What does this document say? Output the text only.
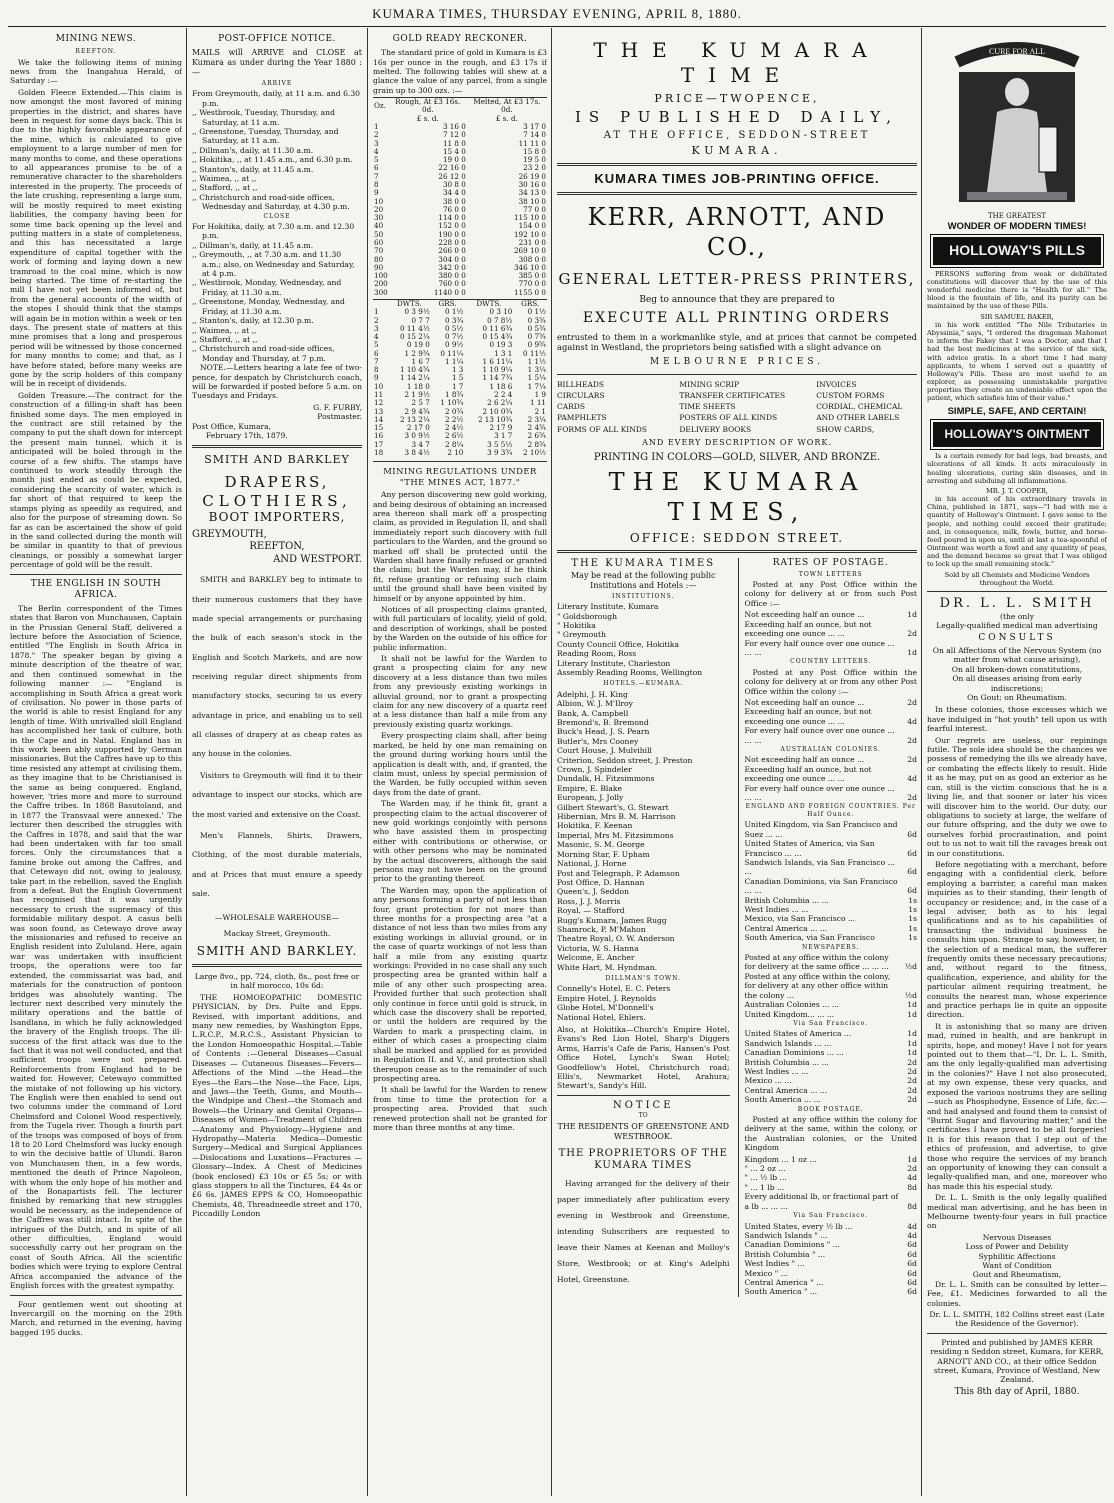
KUMARA TIMES, THURSDAY EVENING, APRIL 8, 1880.
MINING NEWS.
REEFTON.

We take the following items of mining news from the Inangahua Herald, of Saturday :—

Golden Fleece Extended.—This claim is now amongst the most favored of mining properties in the district, and shares have been in request for some days back. This is due to the highly favorable appearance of the mine, which is calculated to give employment to a large number of men for many months to come, and these operations to all appearances promise to be of a remunerative character to the shareholders interested in the property. The proceeds of the late crushing, representing a large sum, will be mostly required to meet existing liabilities, the company having been for some time back opening up the level and putting matters in a state of completeness, and this has necessitated a large expenditure of capital together with the work of forming and laying down a new tramroad to the coal mine, which is now being started. The time of re-starting the mill I have not yet been informed of, but from the general accounts of the width of the stopes I should think that the stamps will again be in motion within a week or ten days. The present state of matters at this mine promises that a long and prosperous period will be witnessed by those concerned for many months to come; and that, as I have before stated, before many weeks are gone by the scrip holders of this company will be in receipt of dividends.

Golden Treasure.—The contract for the construction of a filling-in shaft has been finished some days. The men employed in the contract are still retained by the company to put the shaft down for intercept the present main tunnel, which it is anticipated will be holed through in the course of a few shifts. The stamps have continued to work steadily through the month just ended as could be expected, considering the scarcity of water, which is far short of that required to keep the stamps plying as speedily as required, and also for the purpose of streaming down. So far as can be ascertained the show of gold in the sand collected during the month will be similar in quantity to that of previous cleanings, or possibly a somewhat larger percentage of gold will be the result.

THE ENGLISH IN SOUTH AFRICA.

The Berlin correspondent of the Times states that Baron von Munchausen, Captain in the Prussian General Staff, delivered a lecture before the Association of Science, entitled "The English in South Africa in 1878." The speaker began by giving a minute description of the theatre of war, and then continued somewhat in the following manner :— "England is accomplishing in South Africa a great work of civilisation. No power in those parts of the world is able to resist England for any length of time. With unrivalled skill England has accomplished her task of culture, both in the Cape and in Natal. England has in this work been ably supported by German missionaries. But the Caffres have up to this time resisted any attempt at civilising them, as they imagine that to be Christianised is the same as being conquered. England, however, 'tries more and more to surround the Caffre tribes. In 1868 Basutoland, and in 1877 the Transvaal were annexed.' The lecturer then described the struggles with the Caffres in 1878, and said that the war had been undertaken with far too small forces. Only the circumstances that a famine broke out among the Caffres, and that Cetewayo did not, owing to jealousy, take part in the rebellion, saved the English from a defeat. But the English Government has recognised that it was urgently necessary to crush the supremacy of this formidable military despot. A casus belli was soon found, as Cetewayo drove away the missionaries and refused to receive an English resident into Zululand. Here, again war was undertaken with insufficient troops, the operations were too far extended, the commissariat was bad, and materials for the construction of pontoon bridges was absolutely wanting. The lecturer next described very minutely the military operations and the battle of Isandlana, in which he fully acknowledged the bravery of the English troops. The ill-success of the first attack was due to the fact that it was not well conducted, and that sufficient troops were not prepared. Reinforcements from England had to be waited for. However, Cetewayo committed the mistake of not following up his victory. The English were then enabled to send out two columns under the command of Lord Chelmsford and Colonel Wood respectively, from the Tugela river. Though a fourth part of the troops was composed of boys of from 18 to 20 Lord Chelmsford was lucky enough to win the decisive battle of Ulundi. Baron von Munchausen then, in a few words, mentioned the death of Prince Napoleon, with whom the only hope of his mother and of the Bonapartists fell. The lecturer finished by remarking that new struggles would be necessary, as the independence of the Caffres was still intact. In spite of the intrigues of the Dutch, and in spite of all other difficulties, England would successfully carry out her program on the coast of South Africa. All the scientific bodies which were trying to explore Central Africa accompanied the advance of the English forces with the greatest sympathy.

Four gentlemen went out shooting at Invercargill on the morning on the 29th March, and returned in the evening, having bagged 195 ducks.

POST-OFFICE NOTICE.

MAILS will ARRIVE and CLOSE at Kumara as under during the Year 1880 :—

ARRIVE
From Greymouth, daily, at 11 a.m. and 6.30 p.m.
,, Westbrook, Tuesday, Thursday, and Saturday, at 11 a.m.
,, Greenstone, Tuesday, Thursday, and Saturday, at 11 a.m.
,, Dillman's, daily, at 11.30 a.m.
,, Hokitika, ,, at 11.45 a.m., and 6.30 p.m.
,, Stanton's, daily, at 11.45 a.m.
,, Waimea, ,, at ,,
,, Stafford, ,, at ,,
,, Christchurch and road-side offices, Wednesday and Saturday, at 4.30 p.m.
CLOSE
For Hokitika, daily, at 7.30 a.m. and 12.30 p.m.
,, Dillman's, daily, at 11.45 a.m.
,, Greymouth, ,, at 7.30 a.m. and 11.30 a.m.; also, on Wednesday and Saturday, at 4 p.m.
,, Westbrook, Monday, Wednesday, and Friday, at 11.30 a.m.
,, Greenstone, Monday, Wednesday, and Friday, at 11.30 a.m.
,, Stanton's, daily, at 12.30 p.m.
,, Waimea, ,, at ,,
,, Stafford, ,, at ,,
,, Christchurch and road-side offices, Monday and Thursday, at 7 p.m.

NOTE.—Letters bearing a late fee of two-pence, for despatch by Christchurch coach, will be forwarded if posted before 5 a.m. on Tuesdays and Fridays.

G. F. FURBY,
Postmaster.
Post Office, Kumara,
February 17th, 1879.
SMITH AND BARKLEY
DRAPERS,
CLOTHIERS,
BOOT IMPORTERS,
GREYMOUTH,
REEFTON,
AND WESTPORT.

SMITH and BARKLEY beg to intimate to their numerous customers that they have made special arrangements or purchasing the bulk of each season's stock in the English and Scotch Markets, and are now receiving regular direct shipments from manufactory stocks, securing to us every advantage in price, and enabling us to sell all classes of drapery at as cheap rates as any house in the colonies.

Visitors to Greymouth will find it to their advantage to inspect our stocks, which are the most varied and extensive on the Coast.

Men's Flannels, Shirts, Drawers, Clothing, of the most durable materials, and at Prices that must ensure a speedy sale.

—WHOLESALE WAREHOUSE—
Mackay Street, Greymouth.
SMITH AND BARKLEY.

Large 8vo., pp. 724, cloth, 8s., post free or in half morocco, 10s 6d:

THE HOMOEOPATHIC DOMESTIC PHYSICIAN, by Drs. Pulte and Epps. Revised, with important additions, and many new remedies, by Washington Epps, L.R.C.P., M.R.C.S., Assistant Physician to the London Homoeopathic Hospital.—Table of Contents :—General Diseases—Casual Diseases — Cutaneous Diseases—Fevers—Affections of the Mind —the Head—the Eyes—the Ears—the Nose—the Face, Lips, and Jaws—the Teeth, Gums, and Mouth—the Windpipe and Chest—the Stomach and Bowels—the Urinary and Genital Organs—Diseases of Women—Treatment of Children—Anatomy and Physiology—Hygiene and Hydropathy—Materia Medica—Domestic Surgery—Medical and Surgical Appliances —Dislocations and Luxations—Fractures —Glossary—Index. A Chest of Medicines (book enclosed) £3 10s or £5 5s; or with glass stoppers to all the Tinctures, £4 4s or £6 6s. JAMES EPPS & CO, Homoeopathic Chemists, 48, Threadneedle street and 170, Piccadilly London

GOLD READY RECKONER.

The standard price of gold in Kumara is £3 16s per ounce in the rough, and £3 17s if melted. The following tables will shew at a glance the value of any parcel, from a single grain up to 300 ozs. :—

Oz.	Rough, At £3 16s. 0d.	Melted, At £3 17s. 0d.
	£ s. d.	£ s. d.
1	3 16 0	3 17 0
2	7 12 0	7 14 0
3	11 8 0	11 11 0
4	15 4 0	15 8 0
5	19 0 0	19 5 0
6	22 16 0	23 2 0
7	26 12 0	26 19 0
8	30 8 0	30 16 0
9	34 4 0	34 13 0
10	38 0 0	38 10 0
20	76 0 0	77 0 0
30	114 0 0	115 10 0
40	152 0 0	154 0 0
50	190 0 0	192 10 0
60	228 0 0	231 0 0
70	266 0 0	269 10 0
80	304 0 0	308 0 0
90	342 0 0	346 10 0
100	380 0 0	385 0 0
200	760 0 0	770 0 0
300	1140 0 0	1155 0 0
	DWTS.	GRS.	DWTS.	GRS.
1	0 3 9½	0 1½	0 3 10	0 1½
2	0 7 7	0 3¾	0 7 8½	0 3¾
3	0 11 4½	0 5½	0 11 6¾	0 5¾
4	0 15 2¼	0 7½	0 15 4¾	0 7¾
5	0 19 0	0 9½	0 19 3	0 9¾
6	1 2 9¾	0 11¼	1 3 1	0 11½
7	1 6 7	1 1¼	1 6 11¼	1 1½
8	1 10 4¾	1 3	1 10 9¼	1 3¼
9	1 14 2¼	1 5	1 14 7¾	1 5¼
10	1 18 0	1 7	1 18 6	1 7¼
11	2 1 9½	1 8¾	2 2 4	1 9
12	2 5 7	1 10¾	2 6 2¼	1 11
13	2 9 4¾	2 0¾	2 10 0¾	2 1
14	2 13 2¼	2 2½	2 13 10¾	2 3¼
15	2 17 0	2 4½	2 17 9	2 4¾
16	3 0 9½	2 6½	3 1 7	2 6¾
17	3 4 7	2 8¼	3 5 5½	2 8¾
18	3 8 4½	2 10	3 9 3¾	2 10½
MINING REGULATIONS UNDER "THE MINES ACT, 1877."

Any person discovering new gold working, and being desirous of obtaining an increased area thereon shall mark off a prospecting claim, as provided in Regulation II, and shall immediately report such discovery with full particulars to the Warden, and the ground so marked off shall be protected until the Warden shall have finally refused or granted the claim; but the Warden may, if he think fit, refuse granting or refusing such claim until the ground shall have been visited by himself or by anyone appointed by him.

Notices of all prospecting claims granted, with full particulars of locality, yield of gold, and description of workings, shall be posted by the Warden on the outside of his office for public information.

It shall not be lawful for the Warden to grant a prospecting claim for any new discovery at a less distance than two miles from any previously existing workings in alluvial ground, nor to grant a prospecting claim for any new discovery of a quartz reef at a less distance than half a mile from any previously existing quartz workings.

Every prospecting claim shall, after being marked, be held by one man remaining on the ground during working hours until the application is dealt with, and, if granted, the claim must, unless by special permission of the Warden, be fully occupied within seven days from the date of grant.

The Warden may, if he think fit, grant a prospecting claim to the actual discoverer of new gold workings conjointly with persons who have assisted them in prospecting either with contributions or otherwise, or with other persons who may be nominated by the actual discoverers, although the said persons may not have been on the ground prior to the granting thereof.

The Warden may, upon the application of any persons forming a party of not less than four, grant protection for not more than three months for a prospecting area "at a distance of not less than two miles from any existing workings in alluvial ground, or in the case of quartz workings of not less than half a mile from any existing quartz workings: Provided in no case shall any such prospecting area be granted within half a mile of any other such prospecting area. Provided further that such protection shall only continue in force until gold is struck, in which case the discovery shall be reported, or until the holders are required by the Warden to mark a prospecting claim, in either of which cases a prospecting claim shall be marked and applied for as provided in Regulation II. and V., and protection shall thereupon cease as to the remainder of such prospecting area.

It shall be lawful for the Warden to renew from time to time the protection for a prospecting area. Provided that such renewed protection shall not be granted for more than three months at any time.

THE KUMARA TIME
PRICE—TWOPENCE,
IS PUBLISHED DAILY,
AT THE OFFICE, SEDDON-STREET
KUMARA.
KUMARA TIMES JOB-PRINTING OFFICE.
KERR, ARNOTT, AND CO.,
GENERAL LETTER-PRESS PRINTERS,
Beg to announce that they are prepared to
EXECUTE ALL PRINTING ORDERS

entrusted to them in a workmanlike style, and at prices that cannot be competed against in Westland, the proprietors being satisfied with a slight advance on

MELBOURNE PRICES.
BILLHEADS
CIRCULARS
CARDS
PAMPHLETS
FORMS OF ALL KINDS
MINING SCRIP
TRANSFER CERTIFICATES
TIME SHEETS
POSTERS OF ALL KINDS
DELIVERY BOOKS
INVOICES
CUSTOM FORMS
CORDIAL, CHEMICAL
AND OTHER LABELS
SHOW CARDS,
AND EVERY DESCRIPTION OF WORK.
PRINTING IN COLORS—GOLD, SILVER, AND BRONZE.
THE KUMARA TIMES,
OFFICE: SEDDON STREET.
THE KUMARA TIMES

May be read at the following public Institutions and Hotels :—

INSTITUTIONS.
Literary Institute, Kumara
" Goldsborough
" Hokitika
" Greymouth
County Council Office, Hokitika
Reading Room, Ross
Literary Institute, Charleston
Assembly Reading Rooms, Wellington
HOTELS.—KUMARA.
Adelphi, J. H. King
Albion, W. J. M'Ilroy
Bank, A. Campbell
Bremond's, B. Bremond
Buck's Head, J. S. Pearn
Butler's, Mrs Cooney
Court House, J. Mulvihill
Criterion, Seddon street, J. Preston
Crown, J. Spindeler
Dundalk, H. Fitzsimmons
Empire, E. Blake
European, J. Jolly
Gilbert Stewart's, G. Stewart
Hibernian, Mrs B. M. Harrison
Hokitika, F. Keenan
Imperial, Mrs M. Fitzsimmons
Masonic, S. M. George
Morning Star, F. Upham
National, J. Horne
Post and Telegraph, P. Adamson
Post Office, D. Hannan
Queen's, J. Seddon
Ross, J. J. Morris
Royal, — Stafford
Rugg's Kumara, James Rugg
Shamrock, P. M'Mahon
Theatre Royal, O. W. Anderson
Victoria, W. S. Hanna
Welcome, E. Ancher
White Hart, M. Hyndman.
DILLMAN'S TOWN.
Connelly's Hotel, E. C. Peters
Empire Hotel, J. Reynolds
Globe Hotel, M'Donnell's
National Hotel, Ehlers.

Also, at Hokitika—Church's Empire Hotel, Evans's Red Lion Hotel, Sharp's Diggers Arms, Harris's Cafe de Paris, Hansen's Post Office Hotel, Lynch's Swan Hotel; Goodfellow's Hotel, Christchurch road; Ellis's, Newmarket Hotel, Arahura; Stewart's, Sandy's Hill.

NOTICE
TO
THE RESIDENTS OF GREENSTONE AND WESTBROOK.
THE PROPRIETORS OF THE KUMARA TIMES

Having arranged for the delivery of their paper immediately after publication every evening in Westbrook and Greenstone, intending Subscribers are requested to leave their Names at Keenan and Molloy's Store, Westbrook; or at King's Adelphi Hotel, Greenstone.

RATES OF POSTAGE.
TOWN LETTERS

Posted at any Post Office within the colony for delivery at or from such Post Office :—

Not exceeding half an ounce ...	1d
Exceeding half an ounce, but not exceeding one ounce ... ...	2d
For every half ounce over one ounce ... ... ...	1d
COUNTRY LETTERS.

Posted at any Post Office within the colony for delivery at or from any other Post Office within the colony :—

Not exceeding half an ounce ...	2d
Exceeding half an ounce, but not exceeding one ounce ... ...	4d
For every half ounce over one ounce ... ... ...	2d
AUSTRALIAN COLONIES.
Not exceeding half an ounce ...	2d
Exceeding half an ounce, but not exceeding one ounce ... ...	4d
For every half ounce over one ounce ... ... ...	2d
ENGLAND AND FOREIGN COUNTRIES. Per Half Ounce.
United Kingdom, via San Francisco and Suez ... ...	6d
United States of America, via San Francisco ... ...	6d
Sandwich Islands, via San Francisco ... ...	6d
Canadian Dominions, via San Francisco ... ...	6d
British Columbia ... ...	1s
West Indies ... ...	1s
Mexico, via San Francisco ...	1s
Central America ... ...	1s
South America, via San Francisco	1s
NEWSPAPERS.
Posted at any office within the colony for delivery at the same office ... ... ...	½d
Posted at any office within the colony, for delivery at any other office within the colony ...	½d
Australian Colonies ... ...	1d
United Kingdom... ... ...	1d
Via San Francisco.
United States of America ...	1d
Sandwich Islands ... ...	1d
Canadian Dominions ... ...	1d
British Columbia ... ...	2d
West Indies ... ...	2d
Mexico ... ...	2d
Central America ... ...	2d
South America ... ...	2d
BOOK POSTAGE.

Posted at any office within the colony for delivery at the same, within the colony, or the Australian colonies, or the United Kingdom

Kingdom ... 1 oz ...	1d
" ... 2 oz ...	2d
" ... ½ lb ...	4d
" ... 1 lb ...	8d
Every additional lb, or fractional part of a lb ... ... ...	8d
Via San Francisco.
United States, every ½ lb ...	4d
Sandwich Islands " ...	4d
Canadian Dominions " ...	6d
British Columbia " ...	6d
West Indies " ...	6d
Mexico " ...	6d
Central America " ...	6d
South America " ...	6d
CURE FOR ALL
THE GREATEST
WONDER OF MODERN TIMES!
HOLLOWAY'S PILLS

PERSONS suffering from weak or debilitated constitutions will discover that by the use of this wonderful medicine there is "Health for all." The blood is the fountain of life, and its purity can be maintained by the use of these Pills.

SIR SAMUEL BAKER,

in his work entitled "The Nile Tributaries in Abyssinia," says, "I ordered the dragoman Mahomet to inform the Fakey that I was a Doctor, and that I had the best medicines at the service of the sick, with advice gratis. In a short time I had many applicants, to whom I served out a quantity of Holloway's Pills. These are most useful to an explorer, as possessing unmistakable purgative properties they create an undeniable effect upon the patient, which satisfies him of their value."

SIMPLE, SAFE, AND CERTAIN!
HOLLOWAY'S OINTMENT

Is a certain remedy for bad legs, bad breasts, and ulcerations of all kinds. It acts miraculously in healing ulcerations, curing skin diseases, and in arresting and subduing all inflammations.

MR. J. T. COOPER,

in his account of his extraordinary travels in China, published in 1871, says—"I had with me a quantity of Holloway's Ointment. I gave some to the people, and nothing could exceed their gratitude; and, in consequence, milk, fowls, butter, and horse-feed poured in upon us, until at last a tea-spoonful of Ointment was worth a fowl and any quantity of peas, and the demand became so great that I was obliged to lock up the small remaining stock."

Sold by all Chemists and Medicine Vendors throughout the World.

DR. L. L. SMITH
(the only
Legally-qualified medical man advertising
CONSULTS
On all Affections of the Nervous System (no matter from what cause arising),
On all broken-down constitutions,
On all diseases arising from early indiscretions;
On Gout; on Rheumatism.

In these colonies, those excesses which we have indulged in "hot youth" tell upon us with fearful interest.

Our regrets are useless, our repinings futile. The sole idea should be the chances we possess of remedying the ills we already have, or combating the effects likely to result. Hide it as he may, put on as good an exterior as he can, still is the victim conscious that he is a living lie, and that sooner or later his vices will discover him to the world. Our duty, our obligations to society at large, the welfare of our future offspring, and the duty we owe to ourselves forbid procrastination, and point out to us not to wait till the ravages break out in our constitutions.

Before negotiating with a merchant, before engaging with a confidential clerk, before employing a barrister, a careful man makes inquiries as to their standing, their length of occupancy or residence; and, in the case of a legal adviser, both as to his legal qualifications and as to his capabilities of transacting the individual business he consults him upon. Strange to say, however, in the selection of a medical man, the sufferer frequently omits these necessary precautions; and, without regard to the fitness, qualification, experience, and ability for the particular ailment requiring treatment, he consults the nearest man, whose experience and practice perhaps lie in quite an opposite direction.

It is astonishing that so many are driven mad, ruined in health, and are bankrupt in spirits, hope, and money! Have I not for years pointed out to them that—"I, Dr. L. L. Smith, am the only legally-qualified man advertising in the colonies?" Have I not also prosecuted, at my own expense, these very quacks, and exposed the various nostrums they are selling—such as Phosphodyne, Essence of Life, &c.—and had analysed and found them to consist of "Burnt Sugar and flavouring matter," and the certificates I have proved to be all forgeries! It is for this reason that I step out of the ethics of profession, and advertise, to give those who require the services of my branch an opportunity of knowing they can consult a legally-qualified man, and one, moreover who has made this his especial study.

Dr. L. L. Smith is the only legally qualified medical man advertising, and he has been in Melbourne twenty-four years in full practice on

Nervous Diseases
Loss of Power and Debility
Syphilitic Affections
Want of Condition
Gout and Rheumatism,

Dr. L. L. Smith can be consulted by letter—Fee, £1. Medicines forwarded to all the colonies.

Dr. L. L. SMITH, 182 Collins street east (Late the Residence of the Governor).

Printed and published by JAMES KERR residing n Seddon street, Kumara, for KERR, ARNOTT AND CO., at their office Seddon street, Kumara, Province of Westland, New Zealand.

This 8th day of April, 1880.
